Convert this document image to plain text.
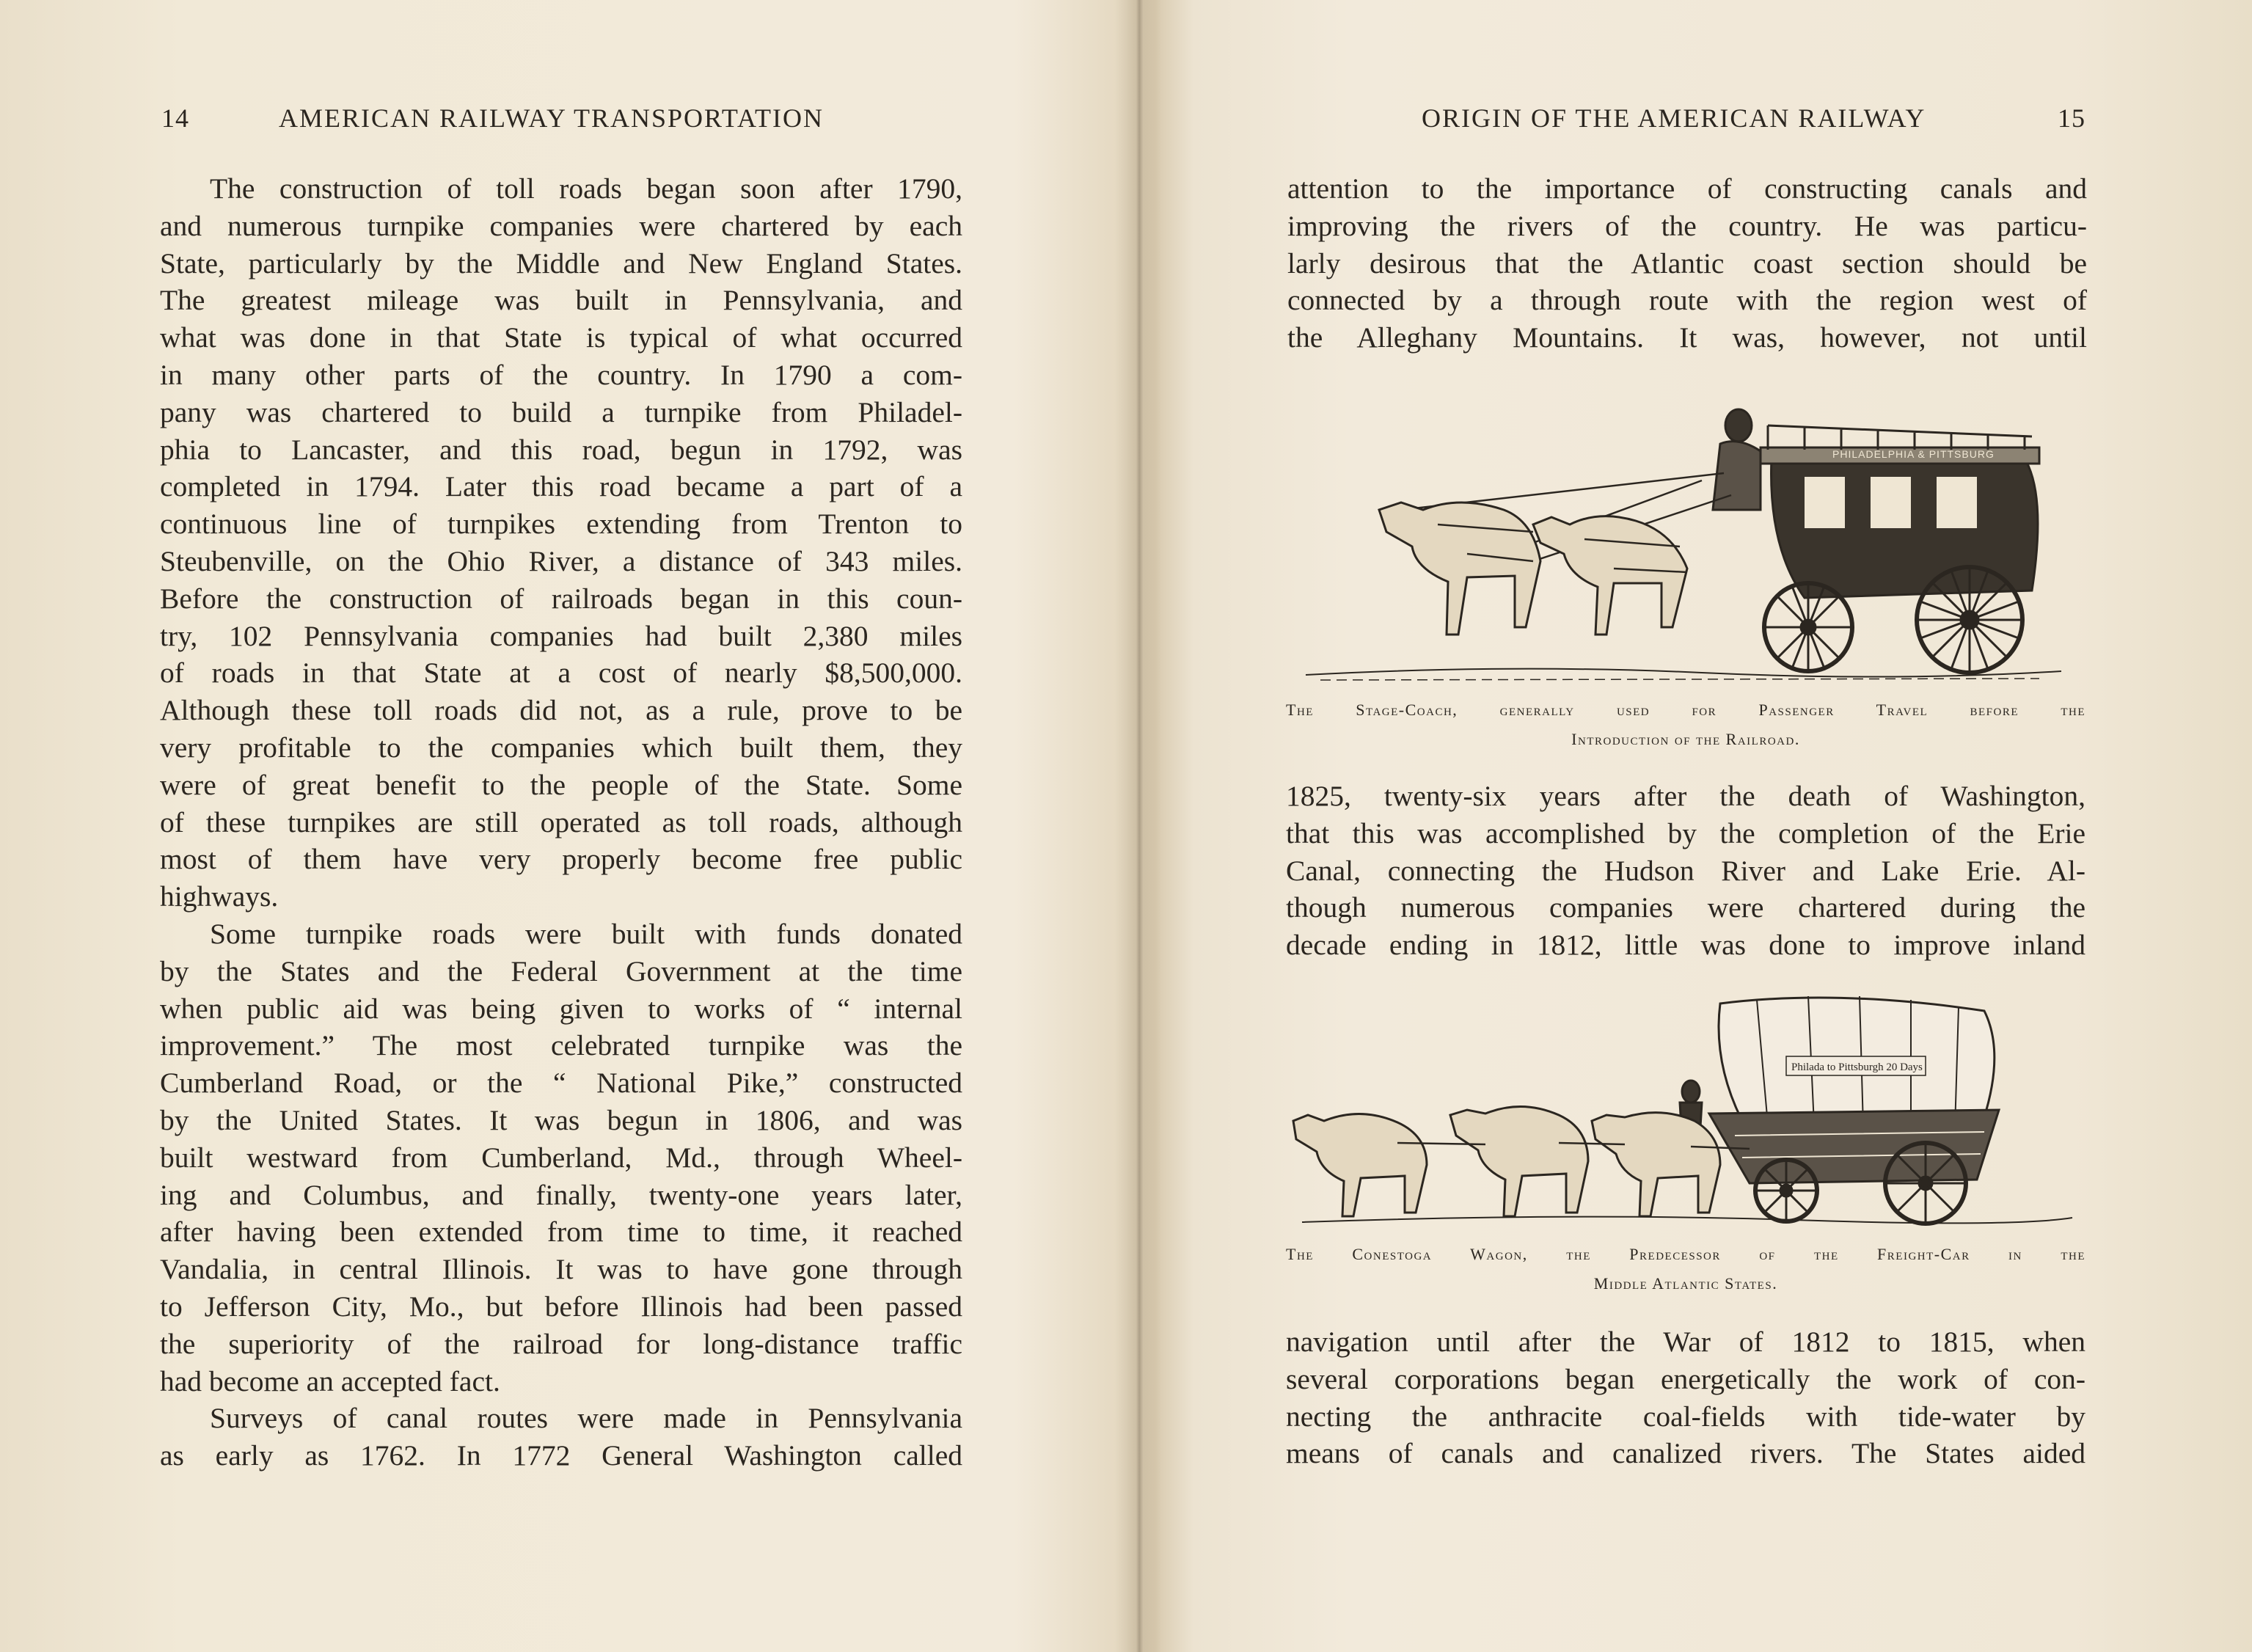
14	AMERICAN RAILWAY TRANSPORTATION
The construction of toll roads began soon after 1790,
and numerous turnpike companies were chartered by each
State, particularly by the Middle and New England States.
The greatest mileage was built in Pennsylvania, and
what was done in that State is typical of what occurred
in many other parts of the country. In 1790 a com-
pany was chartered to build a turnpike from Philadel-
phia to Lancaster, and this road, begun in 1792, was
completed in 1794. Later this road became a part of a
continuous line of turnpikes extending from Trenton to
Steubenville, on the Ohio River, a distance of 343 miles.
Before the construction of railroads began in this coun-
try, 102 Pennsylvania companies had built 2,380 miles
of roads in that State at a cost of nearly $8,500,000.
Although these toll roads did not, as a rule, prove to be
very profitable to the companies which built them, they
were of great benefit to the people of the State. Some
of these turnpikes are still operated as toll roads, although
most of them have very properly become free public
highways.
Some turnpike roads were built with funds donated
by the States and the Federal Government at the time
when public aid was being given to works of “ internal
improvement.” The most celebrated turnpike was the
Cumberland Road, or the “ National Pike,” constructed
by the United States. It was begun in 1806, and was
built westward from Cumberland, Md., through Wheel-
ing and Columbus, and finally, twenty-one years later,
after having been extended from time to time, it reached
Vandalia, in central Illinois. It was to have gone through
to Jefferson City, Mo., but before Illinois had been passed
the superiority of the railroad for long-distance traffic
had become an accepted fact.
Surveys of canal routes were made in Pennsylvania
as early as 1762. In 1772 General Washington called
ORIGIN OF THE AMERICAN RAILWAY	15
attention to the importance of constructing canals and
improving the rivers of the country. He was particu-
larly desirous that the Atlantic coast section should be
connected by a through route with the region west of
the Alleghany Mountains. It was, however, not until
PHILADELPHIA & PITTSBURG
The Stage-Coach, generally used for Passenger Travel before the
Introduction of the Railroad.
1825, twenty-six years after the death of Washington,
that this was accomplished by the completion of the Erie
Canal, connecting the Hudson River and Lake Erie. Al-
though numerous companies were chartered during the
decade ending in 1812, little was done to improve inland
Philada to Pittsburgh 20 Days
The Conestoga Wagon, the Predecessor of the Freight-Car in the
Middle Atlantic States.
navigation until after the War of 1812 to 1815, when
several corporations began energetically the work of con-
necting the anthracite coal-fields with tide-water by
means of canals and canalized rivers. The States aided
